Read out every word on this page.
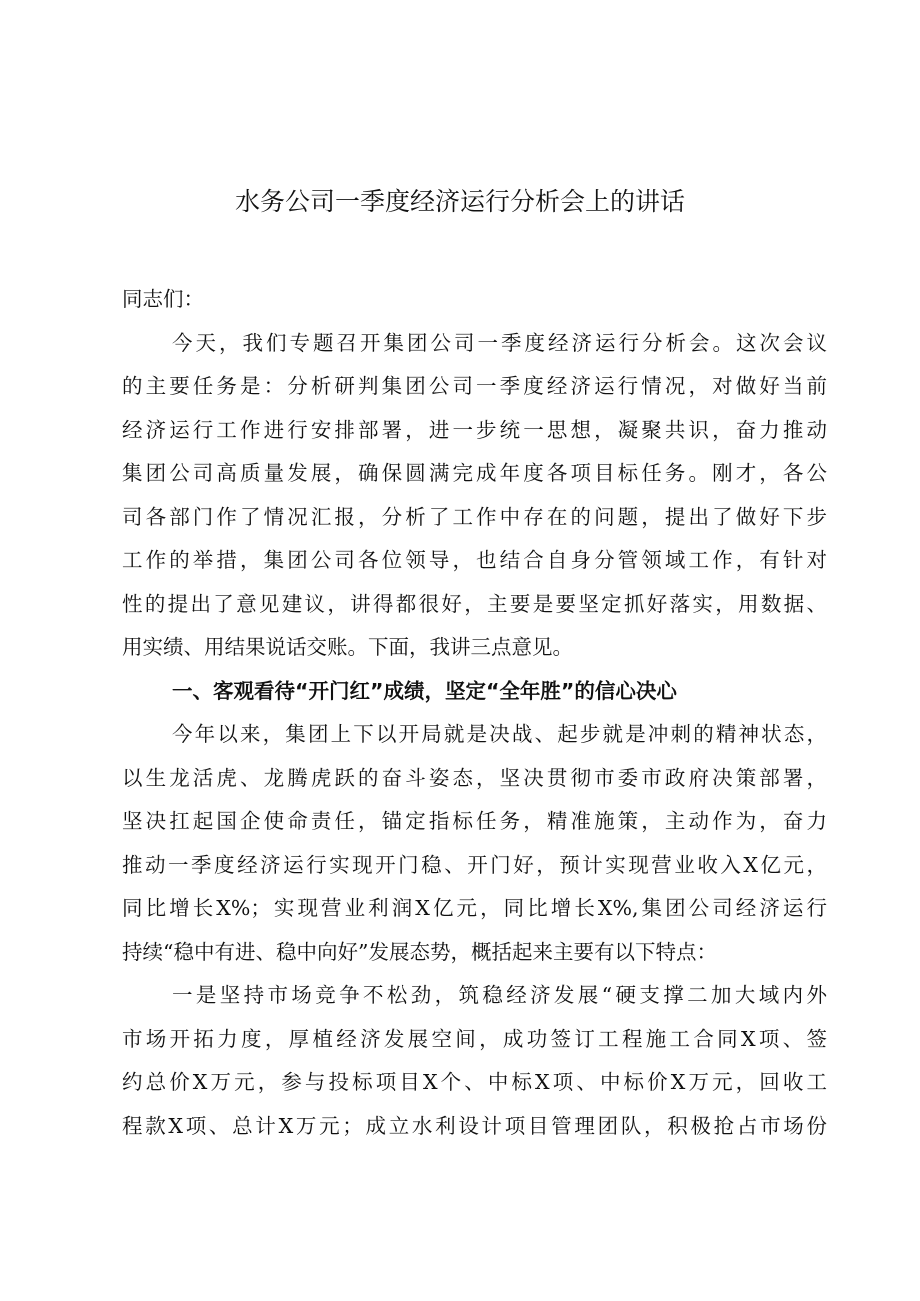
水务公司一季度经济运行分析会上的讲话
同志们：
今天，我们专题召开集团公司一季度经济运行分析会。这次会议
的主要任务是：分析研判集团公司一季度经济运行情况，对做好当前
经济运行工作进行安排部署，进一步统一思想，凝聚共识，奋力推动
集团公司高质量发展，确保圆满完成年度各项目标任务。刚才，各公
司各部门作了情况汇报，分析了工作中存在的问题，提出了做好下步
工作的举措，集团公司各位领导，也结合自身分管领域工作，有针对
性的提出了意见建议，讲得都很好，主要是要坚定抓好落实，用数据、
用实绩、用结果说话交账。下面，我讲三点意见。
一、客观看待“开门红”成绩，坚定“全年胜”的信心决心
今年以来，集团上下以开局就是决战、起步就是冲刺的精神状态，
以生龙活虎、龙腾虎跃的奋斗姿态，坚决贯彻市委市政府决策部署，
坚决扛起国企使命责任，锚定指标任务，精准施策，主动作为，奋力
推动一季度经济运行实现开门稳、开门好，预计实现营业收入X亿元，
同比增长X%；实现营业利润X亿元，同比增长X%,集团公司经济运行
持续“稳中有进、稳中向好”发展态势，概括起来主要有以下特点：
一是坚持市场竞争不松劲，筑稳经济发展“硬支撑二加大域内外
市场开拓力度，厚植经济发展空间，成功签订工程施工合同X项、签
约总价X万元，参与投标项目X个、中标X项、中标价X万元，回收工
程款X项、总计X万元；成立水利设计项目管理团队，积极抢占市场份
